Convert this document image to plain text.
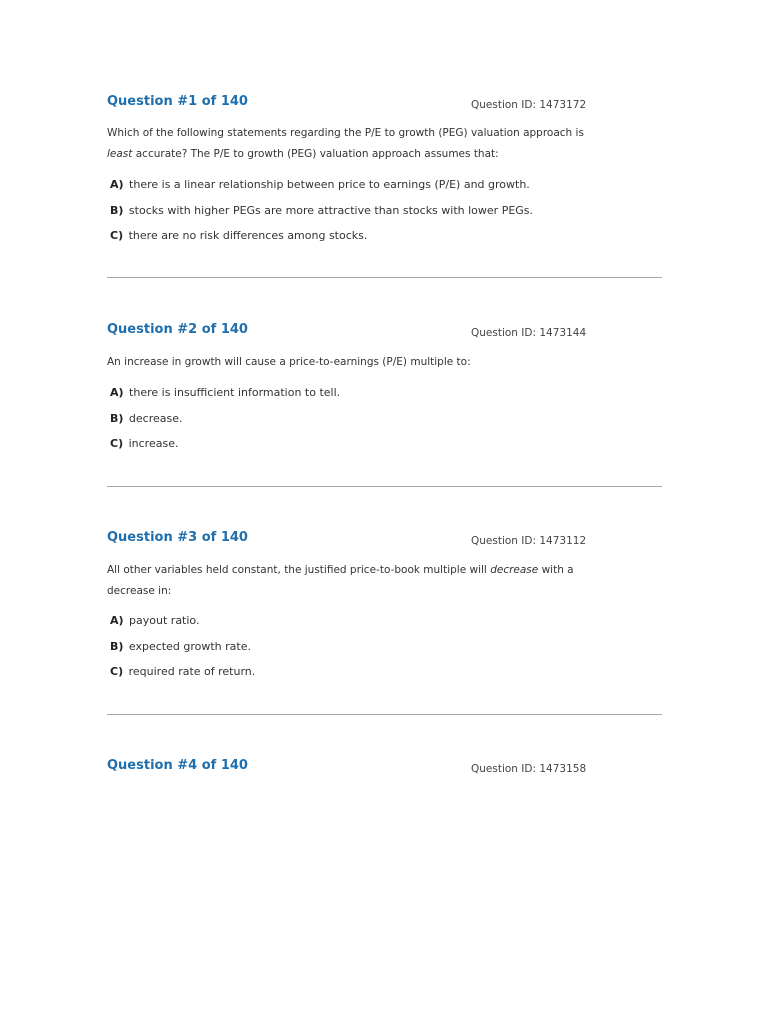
Question #1 of 140	Question ID: 1473172

Which of the following statements regarding the P/E to growth (PEG) valuation approach is
least accurate? The P/E to growth (PEG) valuation approach assumes that:

A) there is a linear relationship between price to earnings (P/E) and growth.
B) stocks with higher PEGs are more attractive than stocks with lower PEGs.
C) there are no risk differences among stocks.
Question #2 of 140	Question ID: 1473144

An increase in growth will cause a price-to-earnings (P/E) multiple to:

A) there is insufficient information to tell.
B) decrease.
C) increase.
Question #3 of 140	Question ID: 1473112

All other variables held constant, the justified price-to-book multiple will decrease with a
decrease in:

A) payout ratio.
B) expected growth rate.
C) required rate of return.
Question #4 of 140	Question ID: 1473158
